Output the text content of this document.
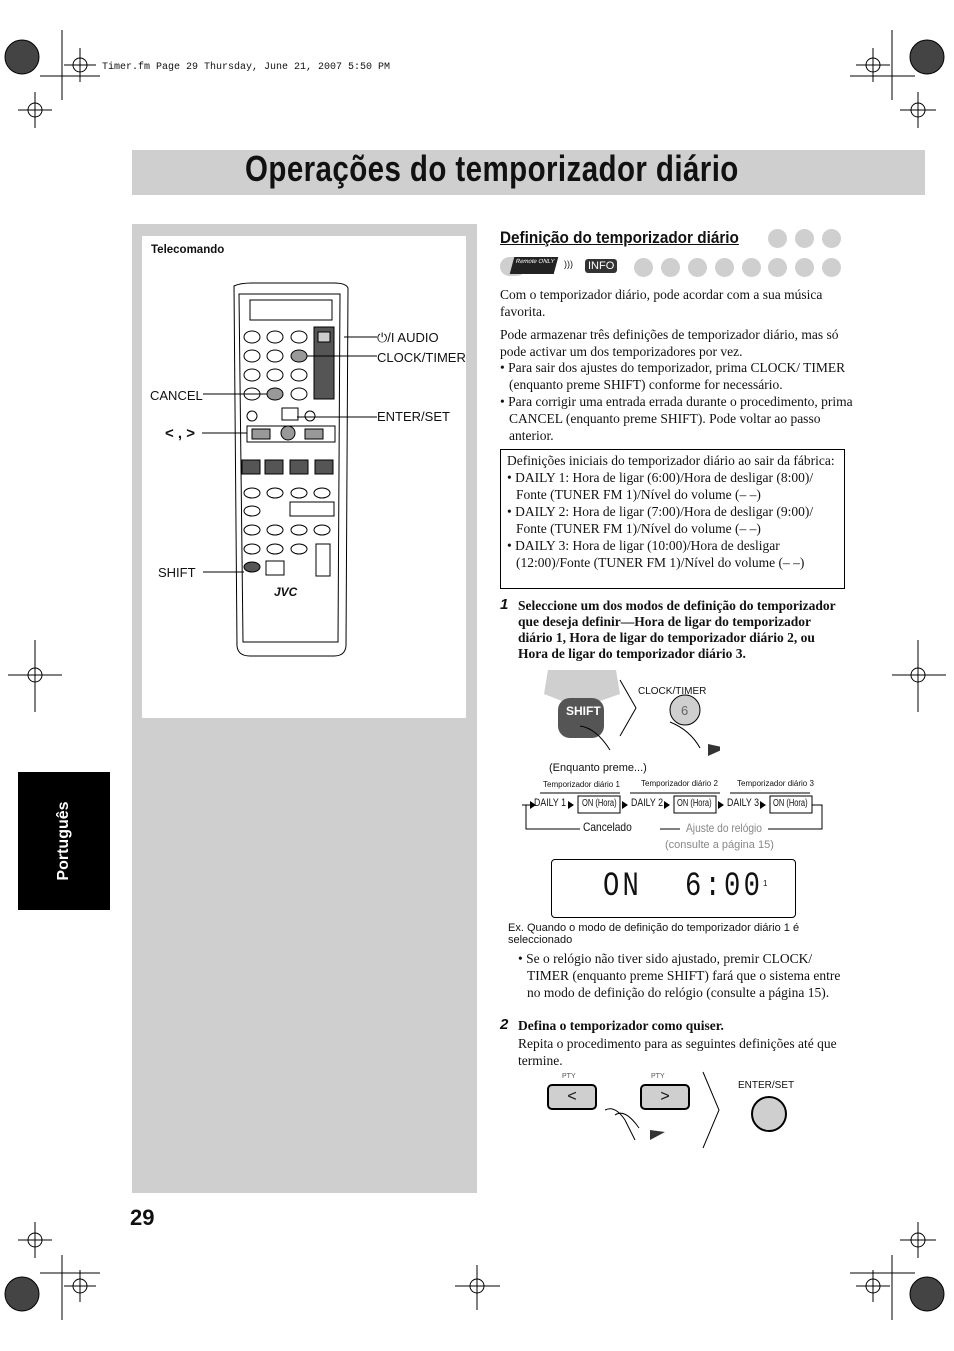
Timer.fm Page 29 Thursday, June 21, 2007 5:50 PM
Operações do temporizador diário
Português
Telecomando
⏻/I AUDIO
CLOCK/TIMER
CANCEL
ENTER/SET
< , >
SHIFT
JVC
Definição do temporizador diário
Remote ONLY ))) INFO
Com o temporizador diário, pode acordar com a sua música favorita.
Pode armazenar três definições de temporizador diário, mas só pode activar um dos temporizadores por vez.
• Para sair dos ajustes do temporizador, prima CLOCK/ TIMER (enquanto preme SHIFT) conforme for necessário.
• Para corrigir uma entrada errada durante o procedimento, prima CANCEL (enquanto preme SHIFT). Pode voltar ao passo anterior.
Definições iniciais do temporizador diário ao sair da fábrica:
• DAILY 1: Hora de ligar (6:00)/Hora de desligar (8:00)/ Fonte (TUNER FM 1)/Nível do volume (– –)
• DAILY 2: Hora de ligar (7:00)/Hora de desligar (9:00)/ Fonte (TUNER FM 1)/Nível do volume (– –)
• DAILY 3: Hora de ligar (10:00)/Hora de desligar (12:00)/Fonte (TUNER FM 1)/Nível do volume (– –)
1 Seleccione um dos modos de definição do temporizador que deseja definir—Hora de ligar do temporizador diário 1, Hora de ligar do temporizador diário 2, ou Hora de ligar do temporizador diário 3.
SHIFT
CLOCK/TIMER
6
(Enquanto preme...)
Temporizador diário 1	Temporizador diário 2 Temporizador diário 3
DAILY 1 ON (Hora) DAILY 2 ON (Hora) DAILY 3 ON (Hora)
Cancelado	Ajuste do relógio
(consulte a página 15)
ON 6:00 1
Ex. Quando o modo de definição do temporizador diário 1 é seleccionado
• Se o relógio não tiver sido ajustado, premir CLOCK/ TIMER (enquanto preme SHIFT) fará que o sistema entre no modo de definição do relógio (consulte a página 15).
2 Defina o temporizador como quiser.
Repita o procedimento para as seguintes definições até que termine.
PTY	PTY
<	>
ENTER/SET
29
